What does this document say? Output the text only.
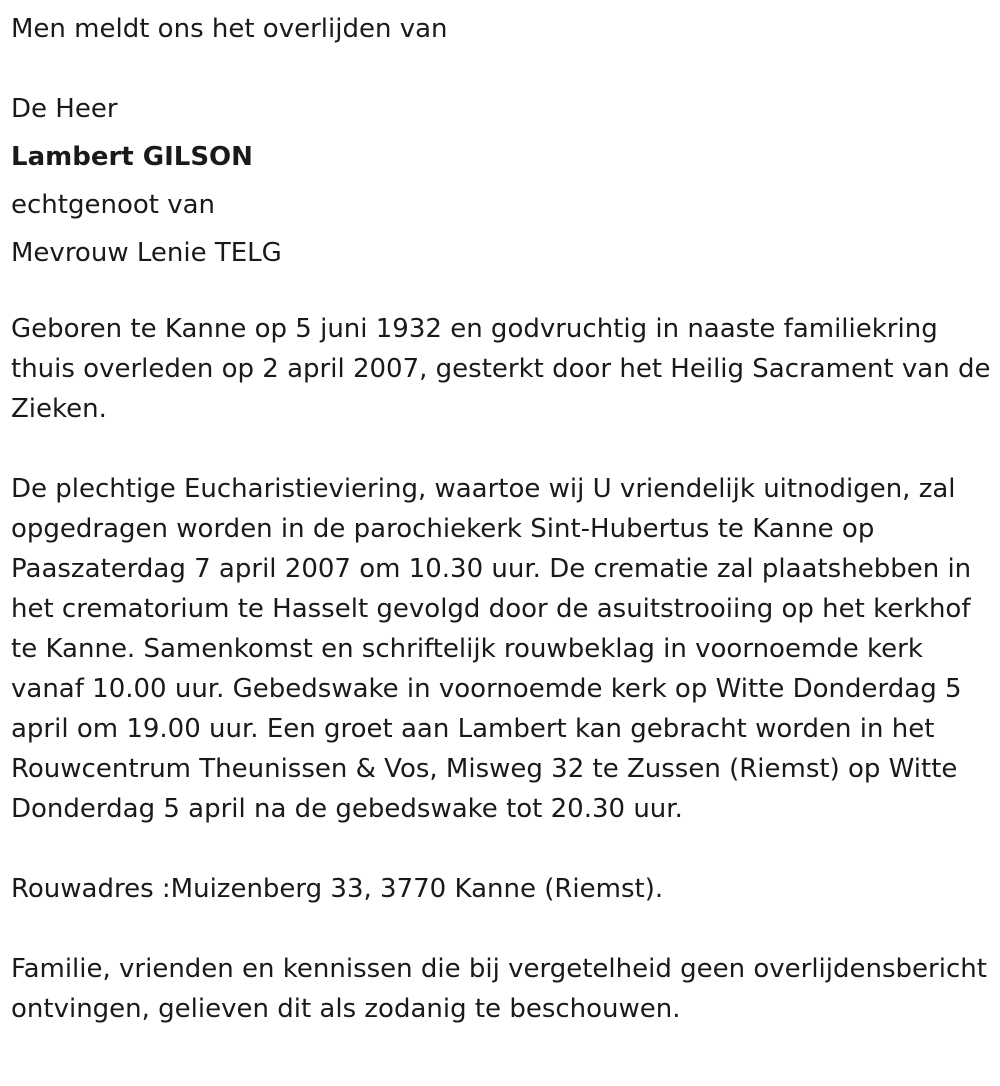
Men meldt ons het overlijden van
De Heer
Lambert GILSON
echtgenoot van
Mevrouw Lenie TELG

Geboren te Kanne op 5 juni 1932 en godvruchtig in naaste familiekring thuis overleden op 2 april 2007, gesterkt door het Heilig Sacrament van de Zieken.

De plechtige Eucharistieviering, waartoe wij U vriendelijk uitnodigen, zal opgedragen worden in de parochiekerk Sint-Hubertus te Kanne op Paaszaterdag 7 april 2007 om 10.30 uur. De crematie zal plaatshebben in het crematorium te Hasselt gevolgd door de asuitstrooiing op het kerkhof te Kanne. Samenkomst en schriftelijk rouwbeklag in voornoemde kerk vanaf 10.00 uur. Gebedswake in voornoemde kerk op Witte Donderdag 5 april om 19.00 uur. Een groet aan Lambert kan gebracht worden in het Rouwcentrum Theunissen & Vos, Misweg 32 te Zussen (Riemst) op Witte Donderdag 5 april na de gebedswake tot 20.30 uur.

Rouwadres :Muizenberg 33, 3770 Kanne (Riemst).

Familie, vrienden en kennissen die bij vergetelheid geen overlijdensbericht ontvingen, gelieven dit als zodanig te beschouwen.
